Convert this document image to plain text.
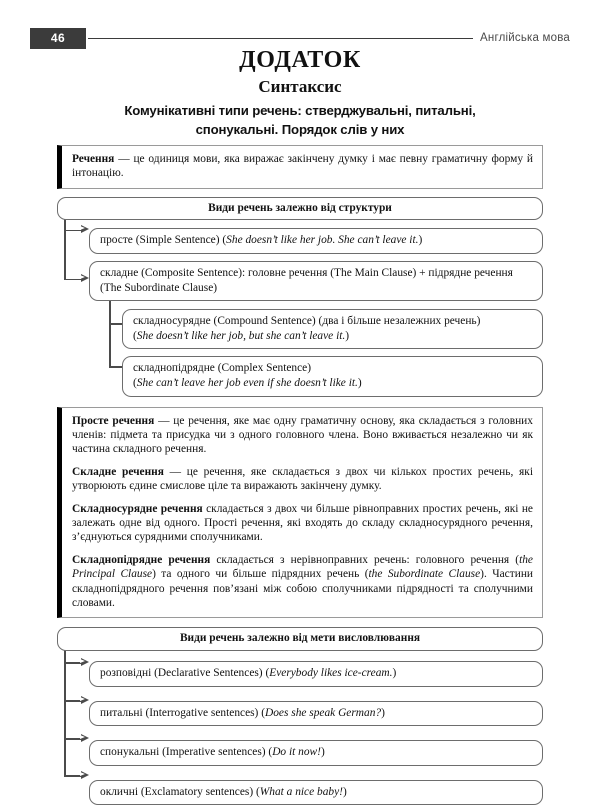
46	Англійська мова
ДОДАТОК
Синтаксис
Комунікативні типи речень: стверджувальні, питальні, спонукальні. Порядок слів у них

Речення — це одиниця мови, яка виражає закінчену думку і має певну граматичну форму й інтонацію.

Види речень залежно від структури
просте (Simple Sentence) (She doesn’t like her job. She can’t leave it.)
складне (Composite Sentence): головне речення (The Main Clause) + підрядне речення (The Subordinate Clause)
складносурядне (Compound Sentence) (два і більше незалежних речень)
(She doesn’t like her job, but she can’t leave it.)
складнопідрядне (Complex Sentence)
(She can’t leave her job even if she doesn’t like it.)

Просте речення — це речення, яке має одну граматичну основу, яка складається з головних членів: підмета та присудка чи з одного головного члена. Воно вживається незалежно чи як частина складного речення.

Складне речення — це речення, яке складається з двох чи кількох простих речень, які утворюють єдине смислове ціле та виражають закінчену думку.

Складносурядне речення складається з двох чи більше рівноправних простих речень, які не залежать одне від одного. Прості речення, які входять до складу складносурядного речення, з’єднуються сурядними сполучниками.

Складнопідрядне речення складається з нерівноправних речень: головного речення (the Principal Clause) та одного чи більше підрядних речень (the Subordinate Clause). Частини складнопідрядного речення пов’язані між собою сполучниками підрядності та сполучними словами.

Види речень залежно від мети висловлювання
розповідні (Declarative Sentences) (Everybody likes ice-cream.)
питальні (Interrogative sentences) (Does she speak German?)
спонукальні (Imperative sentences) (Do it now!)
окличні (Exclamatory sentences) (What a nice baby!)
